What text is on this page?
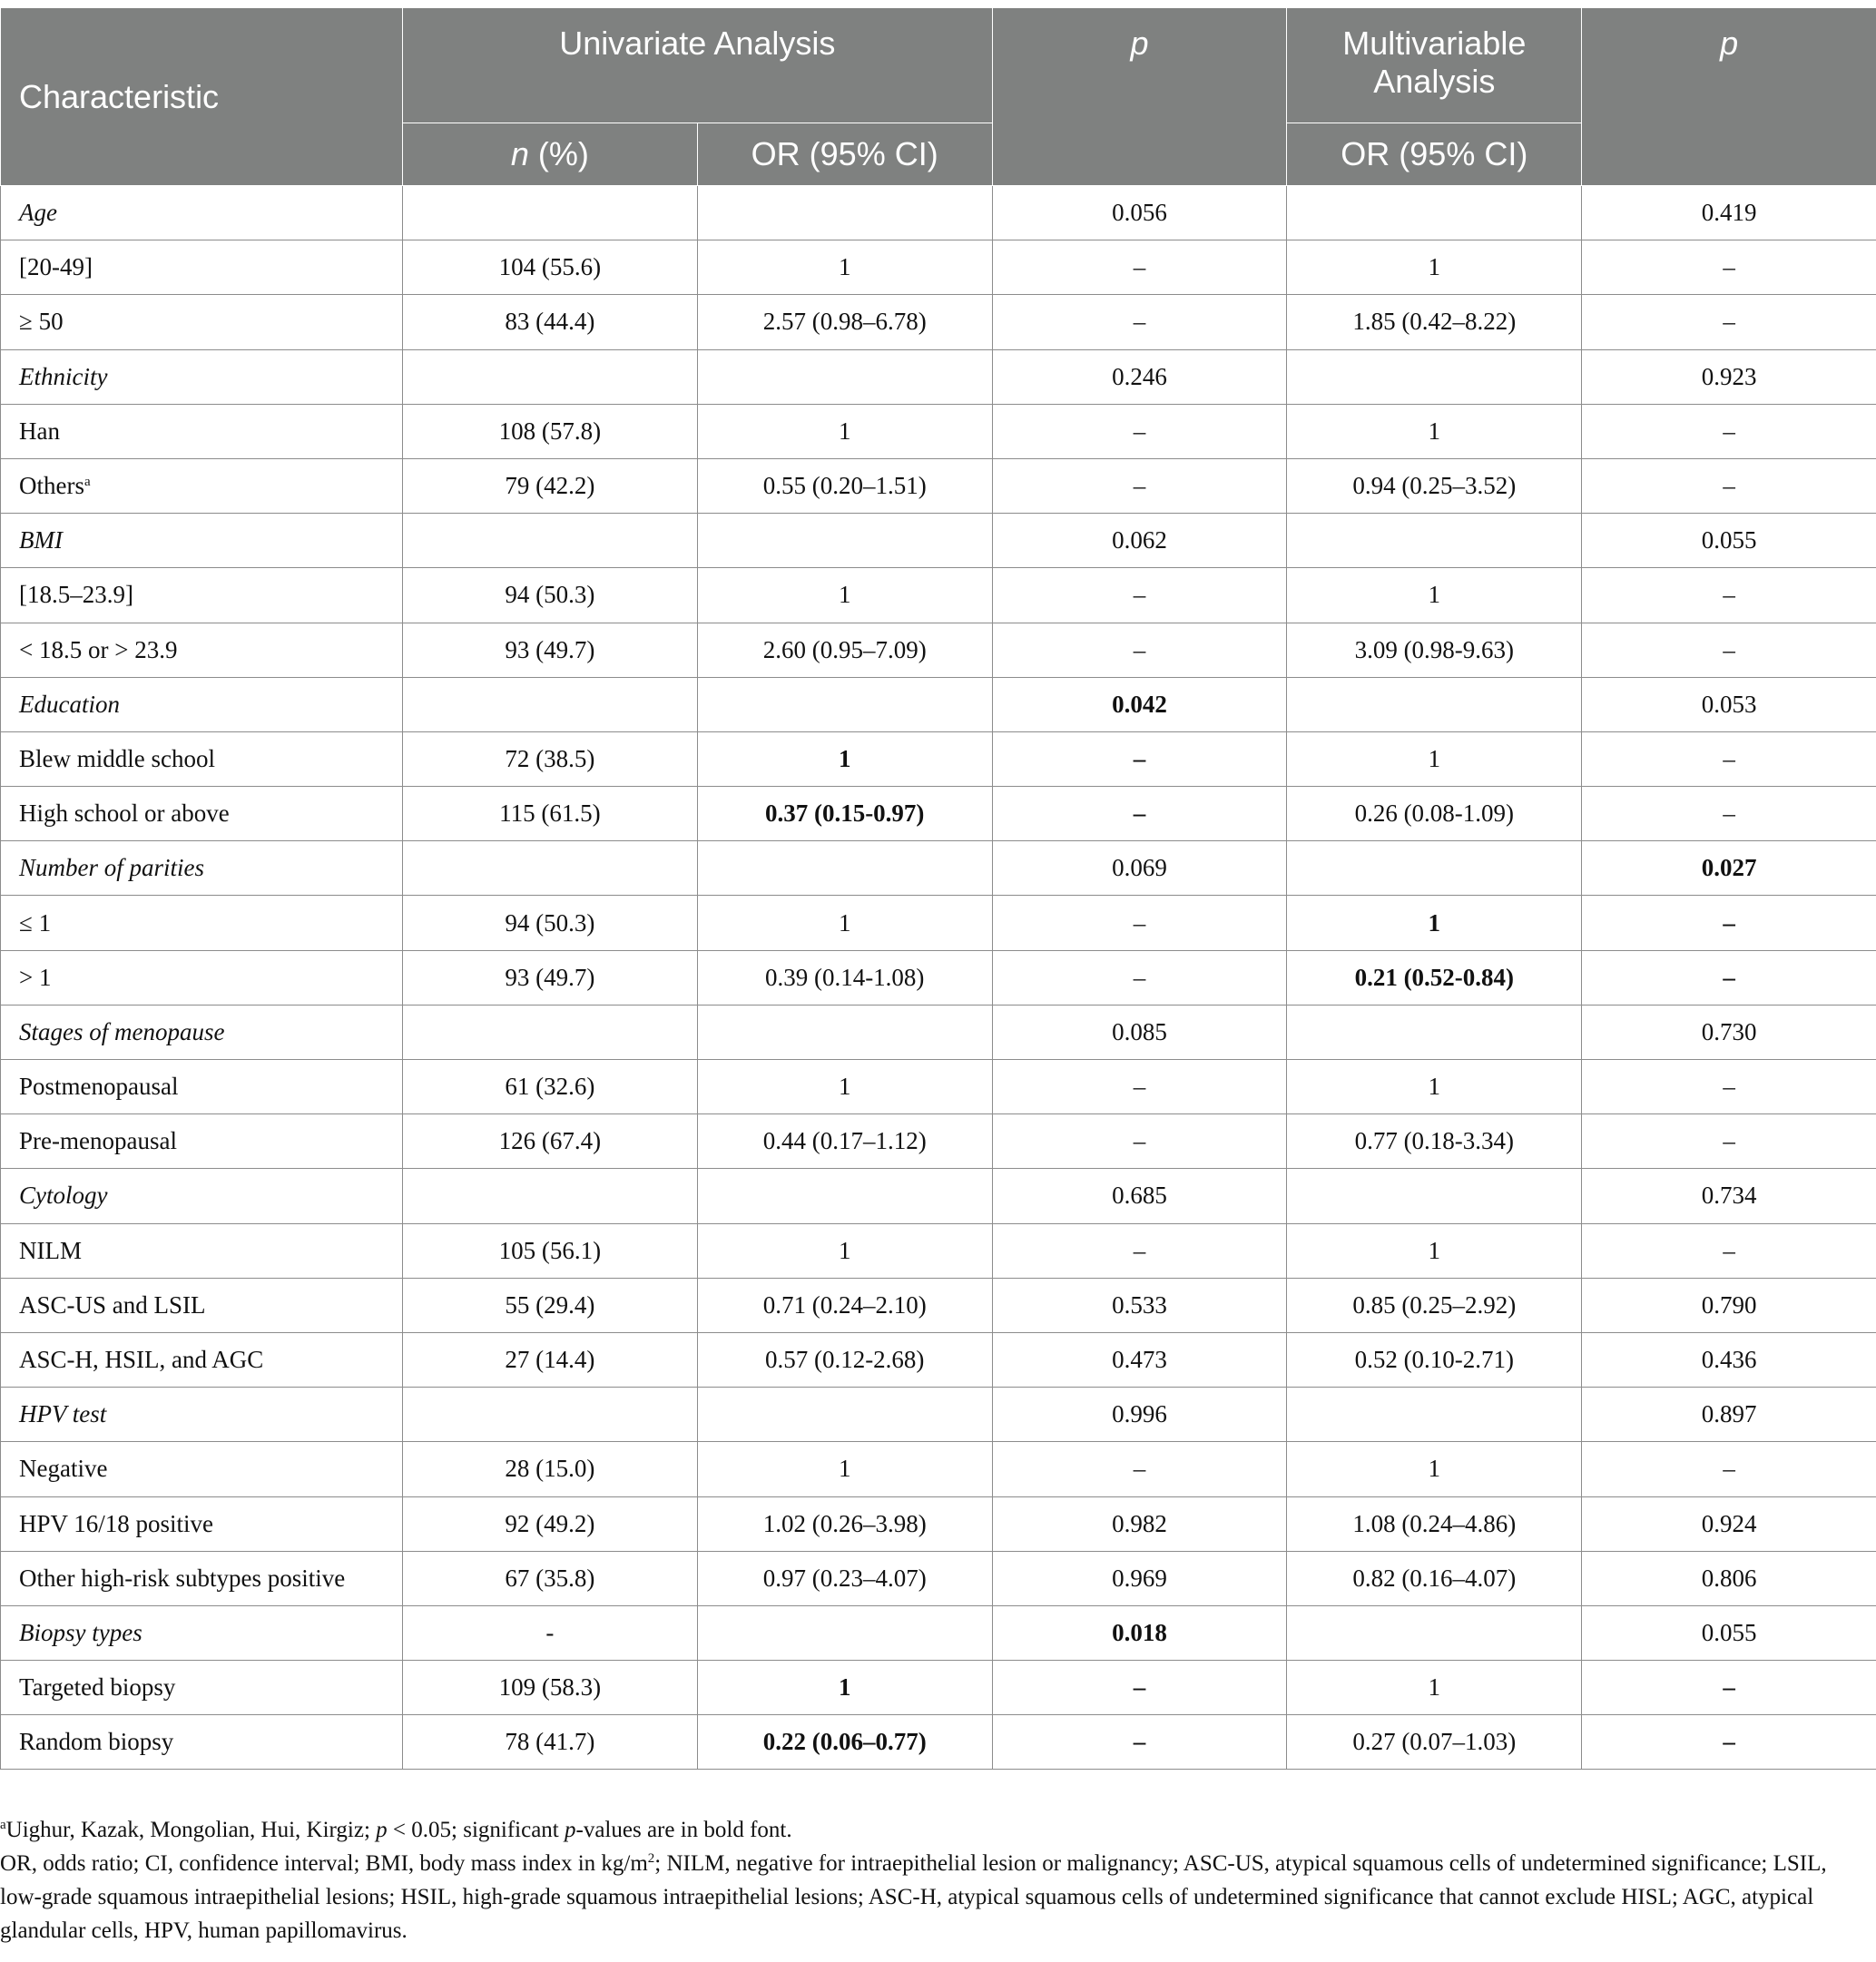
Characteristic	Univariate Analysis		p	Multivariable Analysis	p
	n (%)	OR (95% CI)		OR (95% CI)	
Age			0.056		0.419
[20-49]	104 (55.6)	1	–	1	–
≥ 50	83 (44.4)	2.57 (0.98–6.78)	–	1.85 (0.42–8.22)	–
Ethnicity			0.246		0.923
Han	108 (57.8)	1	–	1	–
Others$^a$	79 (42.2)	0.55 (0.20–1.51)	–	0.94 (0.25–3.52)	–
BMI			0.062		0.055
[18.5–23.9]	94 (50.3)	1	–	1	–
< 18.5 or > 23.9	93 (49.7)	2.60 (0.95–7.09)	–	3.09 (0.98-9.63)	–
Education			0.042		0.053
Blew middle school	72 (38.5)	1	–	1	–
High school or above	115 (61.5)	0.37 (0.15-0.97)	–	0.26 (0.08-1.09)	–
Number of parities			0.069		0.027
≤ 1	94 (50.3)	1	–	1	–
> 1	93 (49.7)	0.39 (0.14-1.08)	–	0.21 (0.52-0.84)	–
Stages of menopause			0.085		0.730
Postmenopausal	61 (32.6)	1	–	1	–
Pre-menopausal	126 (67.4)	0.44 (0.17–1.12)	–	0.77 (0.18-3.34)	–
Cytology			0.685		0.734
NILM	105 (56.1)	1	–	1	–
ASC-US and LSIL	55 (29.4)	0.71 (0.24–2.10)	0.533	0.85 (0.25–2.92)	0.790
ASC-H, HSIL, and AGC	27 (14.4)	0.57 (0.12-2.68)	0.473	0.52 (0.10-2.71)	0.436
HPV test			0.996		0.897
Negative	28 (15.0)	1	–	1	–
HPV 16/18 positive	92 (49.2)	1.02 (0.26–3.98)	0.982	1.08 (0.24–4.86)	0.924
Other high-risk subtypes positive	67 (35.8)	0.97 (0.23–4.07)	0.969	0.82 (0.16–4.07)	0.806
Biopsy types	-		0.018		0.055
Targeted biopsy	109 (58.3)	1	–	1	–
Random biopsy	78 (41.7)	0.22 (0.06–0.77)	–	0.27 (0.07–1.03)	–

$^a$Uighur, Kazak, Mongolian, Hui, Kirgiz; p < 0.05; significant p-values are in bold font.

OR, odds ratio; CI, confidence interval; BMI, body mass index in $kg/m^2$; NILM, negative for intraepithelial lesion or malignancy; ASC-US, atypical squamous cells of undetermined significance; LSIL, low-grade squamous intraepithelial lesions; HSIL, high-grade squamous intraepithelial lesions; ASC-H, atypical squamous cells of undetermined significance that cannot exclude HISL; AGC, atypical glandular cells, HPV, human papillomavirus.
